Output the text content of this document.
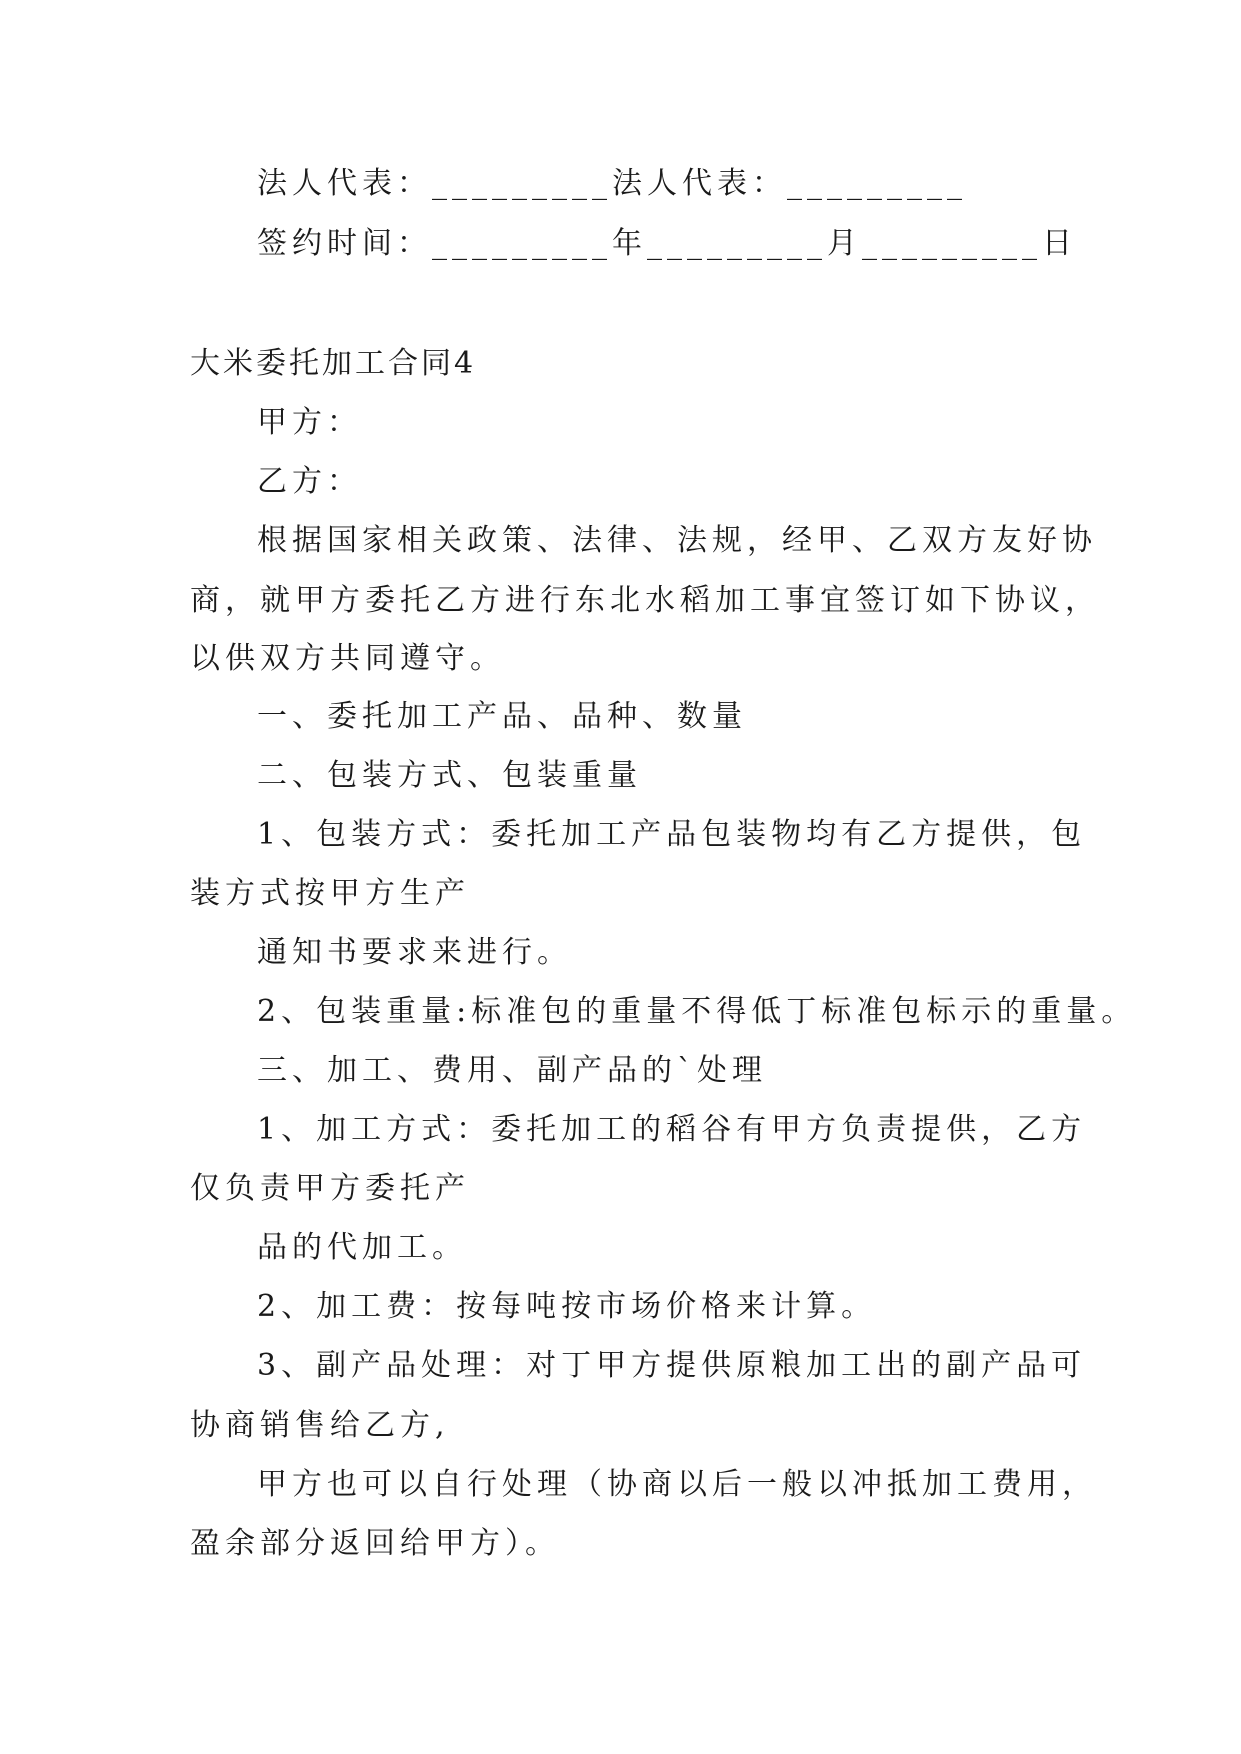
法人代表：_________法人代表：_________
签约时间：_________年_________月_________日
大米委托加工合同4
甲方：
乙方：
根据国家相关政策、法律、法规，经甲、乙双方友好协
商，就甲方委托乙方进行东北水稻加工事宜签订如下协议，
以供双方共同遵守。
一、委托加工产品、品种、数量
二、包装方式、包装重量
1、包装方式：委托加工产品包装物均有乙方提供，包
装方式按甲方生产
通知书要求来进行。
2、包装重量:标准包的重量不得低丁标准包标示的重量。
三、加工、费用、副产品的`处理
1、加工方式：委托加工的稻谷有甲方负责提供，乙方
仅负责甲方委托产
品的代加工。
2、加工费：按每吨按市场价格来计算。
3、副产品处理：对丁甲方提供原粮加工出的副产品可
协商销售给乙方,
甲方也可以自行处理（协商以后一般以冲抵加工费用，
盈余部分返回给甲方）。
